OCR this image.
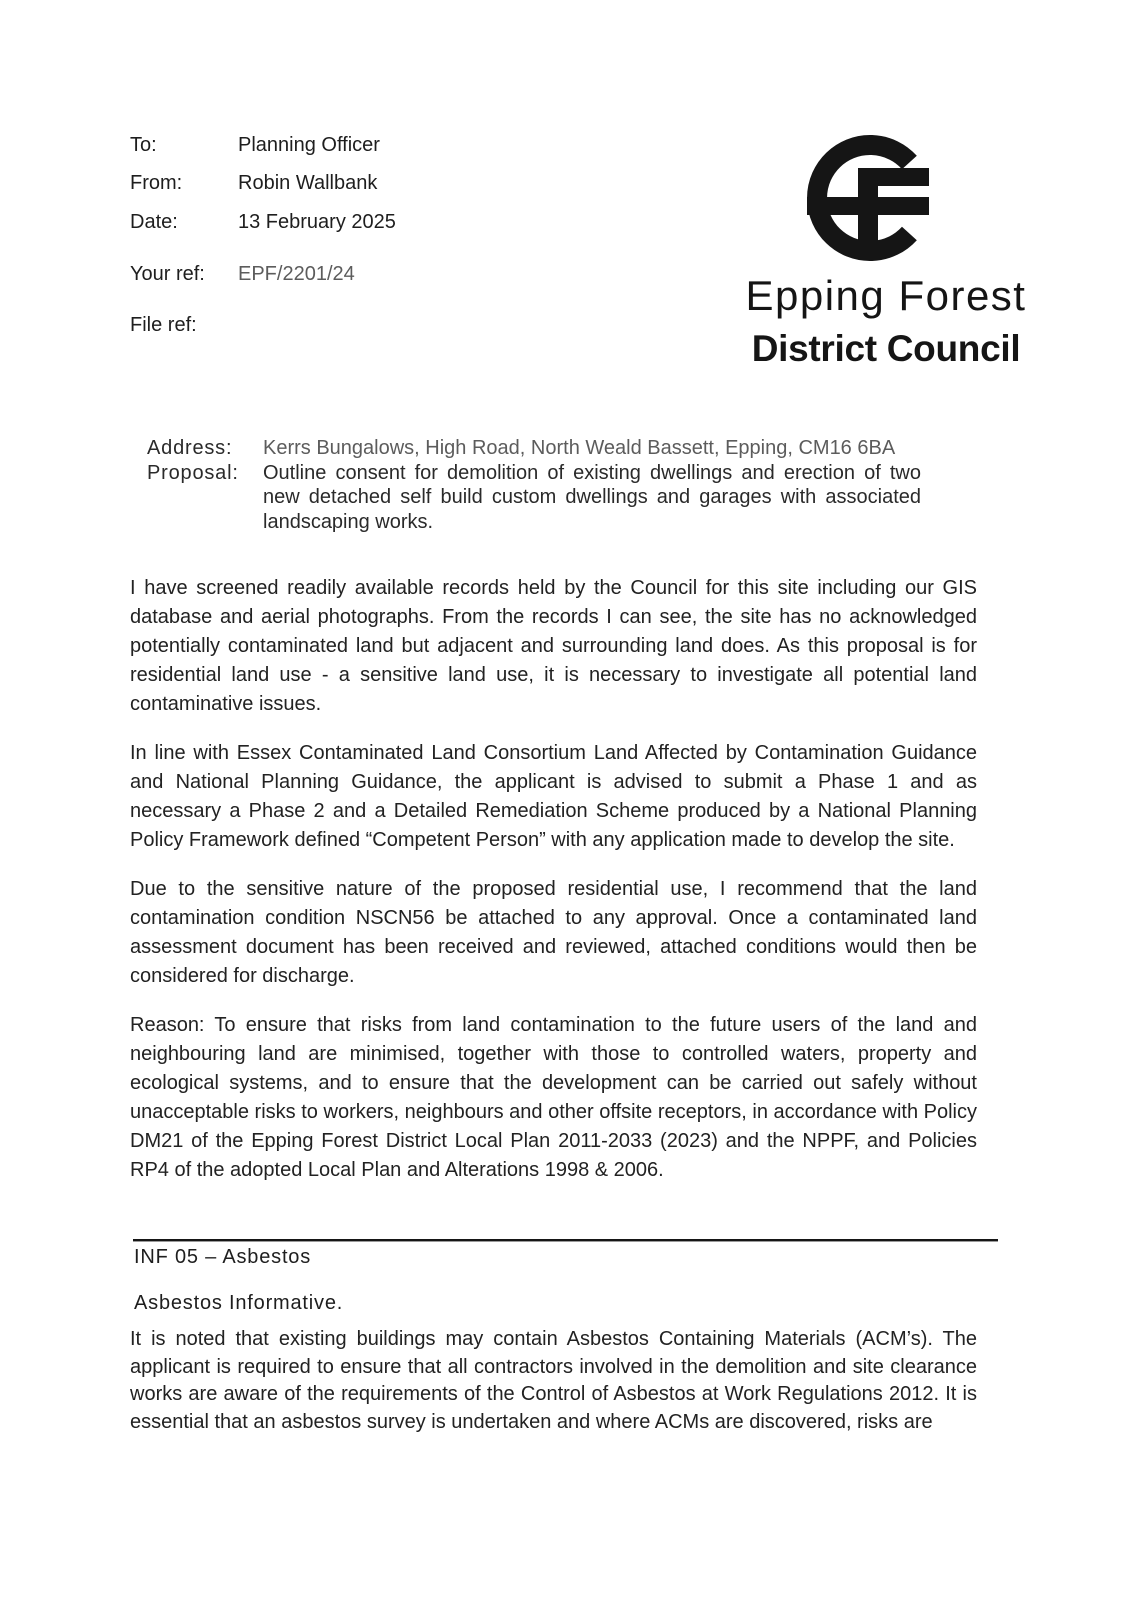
To:	Planning Officer
From:	Robin Wallbank
Date:	13 February 2025
Your ref: EPF/2201/24
File ref:
Epping Forest
District Council
Address:	Kerrs Bungalows, High Road, North Weald Bassett, Epping, CM16 6BA
Proposal:	Outline consent for demolition of existing dwellings and erection of two new detached self build custom dwellings and garages with associated landscaping works.

I have screened readily available records held by the Council for this site including our GIS database and aerial photographs. From the records I can see, the site has no acknowledged potentially contaminated land but adjacent and surrounding land does. As this proposal is for residential land use - a sensitive land use, it is necessary to investigate all potential land contaminative issues.

In line with Essex Contaminated Land Consortium Land Affected by Contamination Guidance and National Planning Guidance, the applicant is advised to submit a Phase 1 and as necessary a Phase 2 and a Detailed Remediation Scheme produced by a National Planning Policy Framework defined “Competent Person” with any application made to develop the site.

Due to the sensitive nature of the proposed residential use, I recommend that the land contamination condition NSCN56 be attached to any approval. Once a contaminated land assessment document has been received and reviewed, attached conditions would then be considered for discharge.

Reason: To ensure that risks from land contamination to the future users of the land and neighbouring land are minimised, together with those to controlled waters, property and ecological systems, and to ensure that the development can be carried out safely without unacceptable risks to workers, neighbours and other offsite receptors, in accordance with Policy DM21 of the Epping Forest District Local Plan 2011-2033 (2023) and the NPPF, and Policies RP4 of the adopted Local Plan and Alterations 1998 & 2006.

INF 05 – Asbestos
Asbestos Informative.
It is noted that existing buildings may contain Asbestos Containing Materials (ACM’s). The applicant is required to ensure that all contractors involved in the demolition and site clearance works are aware of the requirements of the Control of Asbestos at Work Regulations 2012. It is essential that an asbestos survey is undertaken and where ACMs are discovered, risks are
